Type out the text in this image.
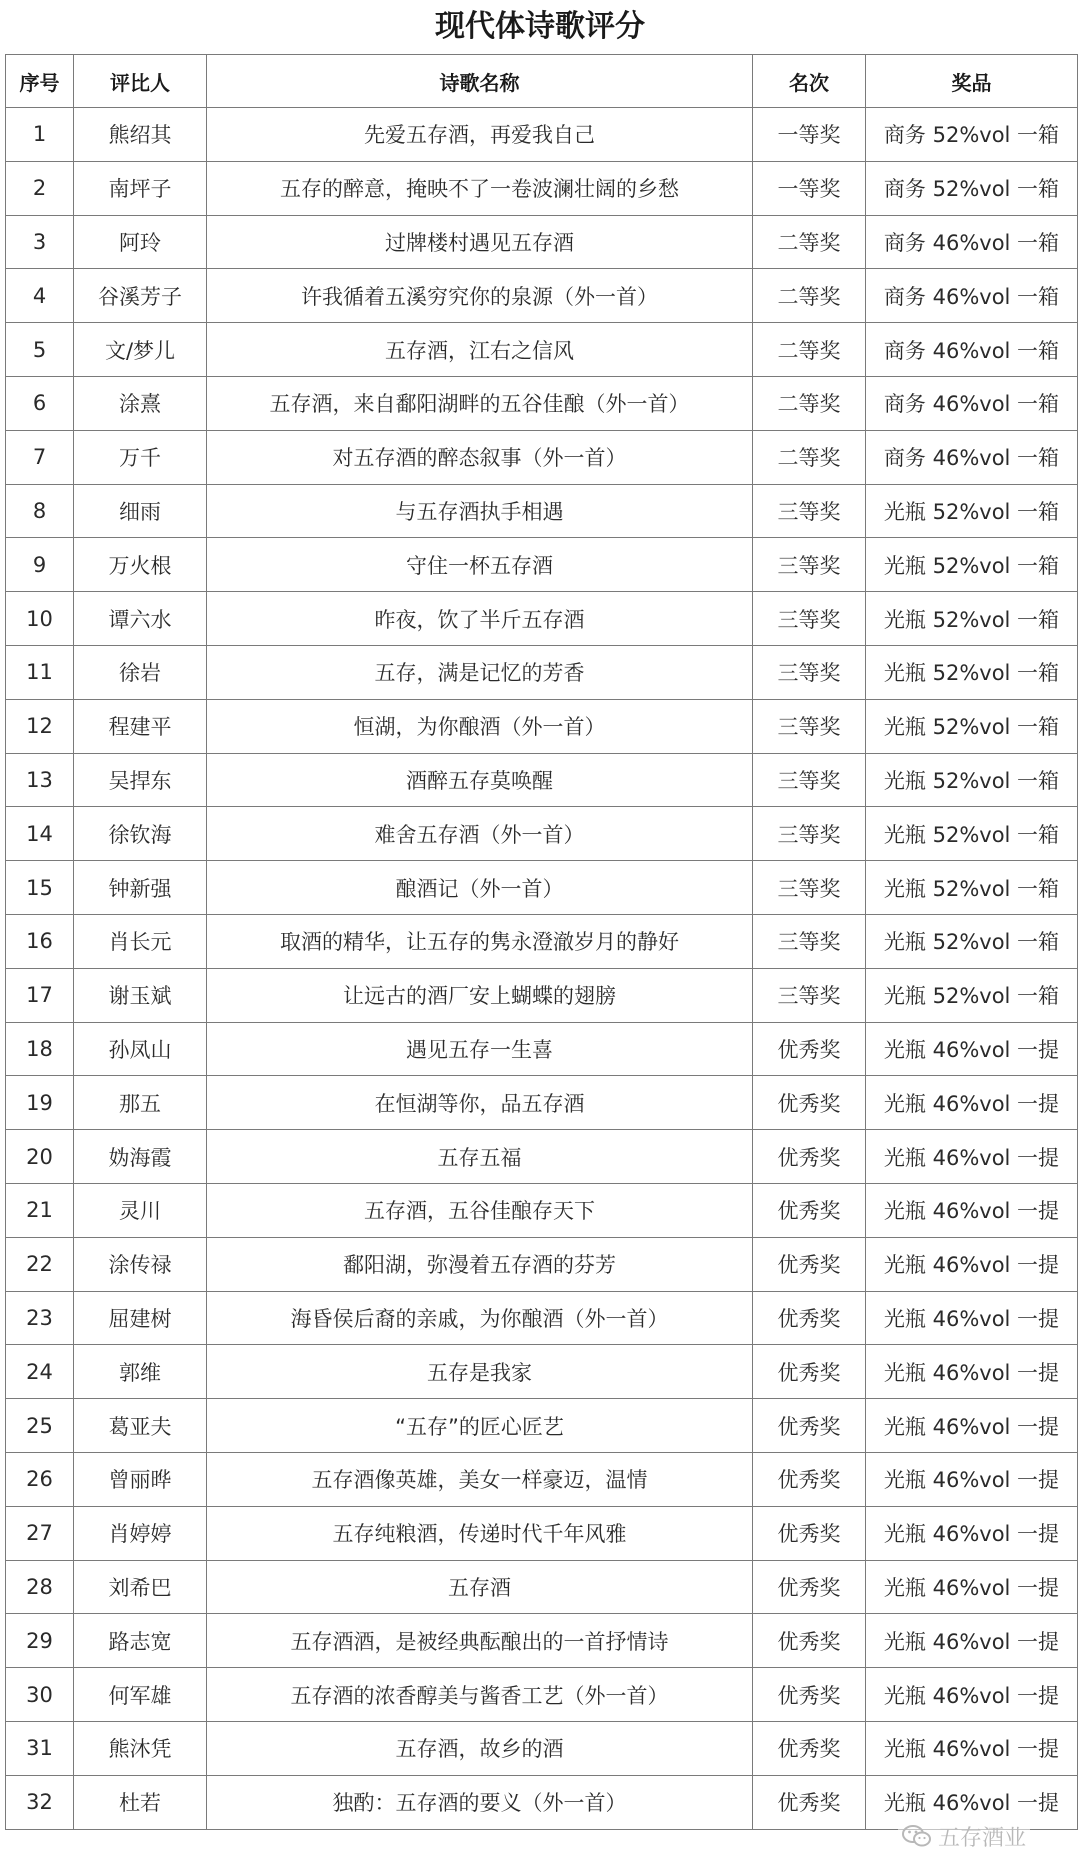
现代体诗歌评分
序号	评比人	诗歌名称	名次	奖品
1	熊绍其	先爱五存酒，再爱我自己	一等奖	商务 52%vol 一箱
2	南坪子	五存的醉意，掩映不了一卷波澜壮阔的乡愁	一等奖	商务 52%vol 一箱
3	阿玲	过牌楼村遇见五存酒	二等奖	商务 46%vol 一箱
4	谷溪芳子	许我循着五溪穷究你的泉源（外一首）	二等奖	商务 46%vol 一箱
5	文/梦儿	五存酒，江右之信风	二等奖	商务 46%vol 一箱
6	涂熹	五存酒，来自鄱阳湖畔的五谷佳酿（外一首）	二等奖	商务 46%vol 一箱
7	万千	对五存酒的醉态叙事（外一首）	二等奖	商务 46%vol 一箱
8	细雨	与五存酒执手相遇	三等奖	光瓶 52%vol 一箱
9	万火根	守住一杯五存酒	三等奖	光瓶 52%vol 一箱
10	谭六水	昨夜，饮了半斤五存酒	三等奖	光瓶 52%vol 一箱
11	徐岩	五存，满是记忆的芳香	三等奖	光瓶 52%vol 一箱
12	程建平	恒湖，为你酿酒（外一首）	三等奖	光瓶 52%vol 一箱
13	吴捍东	酒醉五存莫唤醒	三等奖	光瓶 52%vol 一箱
14	徐钦海	难舍五存酒（外一首）	三等奖	光瓶 52%vol 一箱
15	钟新强	酿酒记（外一首）	三等奖	光瓶 52%vol 一箱
16	肖长元	取酒的精华，让五存的隽永澄澈岁月的静好	三等奖	光瓶 52%vol 一箱
17	谢玉斌	让远古的酒厂安上蝴蝶的翅膀	三等奖	光瓶 52%vol 一箱
18	孙凤山	遇见五存一生喜	优秀奖	光瓶 46%vol 一提
19	那五	在恒湖等你，品五存酒	优秀奖	光瓶 46%vol 一提
20	妫海霞	五存五福	优秀奖	光瓶 46%vol 一提
21	灵川	五存酒，五谷佳酿存天下	优秀奖	光瓶 46%vol 一提
22	涂传禄	鄱阳湖，弥漫着五存酒的芬芳	优秀奖	光瓶 46%vol 一提
23	屈建树	海昏侯后裔的亲戚，为你酿酒（外一首）	优秀奖	光瓶 46%vol 一提
24	郭维	五存是我家	优秀奖	光瓶 46%vol 一提
25	葛亚夫	“五存”的匠心匠艺	优秀奖	光瓶 46%vol 一提
26	曾丽晔	五存酒像英雄，美女一样豪迈，温情	优秀奖	光瓶 46%vol 一提
27	肖婷婷	五存纯粮酒，传递时代千年风雅	优秀奖	光瓶 46%vol 一提
28	刘希巴	五存酒	优秀奖	光瓶 46%vol 一提
29	路志宽	五存酒酒，是被经典酝酿出的一首抒情诗	优秀奖	光瓶 46%vol 一提
30	何军雄	五存酒的浓香醇美与酱香工艺（外一首）	优秀奖	光瓶 46%vol 一提
31	熊沐凭	五存酒，故乡的酒	优秀奖	光瓶 46%vol 一提
32	杜若	独酌：五存酒的要义（外一首）	优秀奖	光瓶 46%vol 一提
五存酒业
